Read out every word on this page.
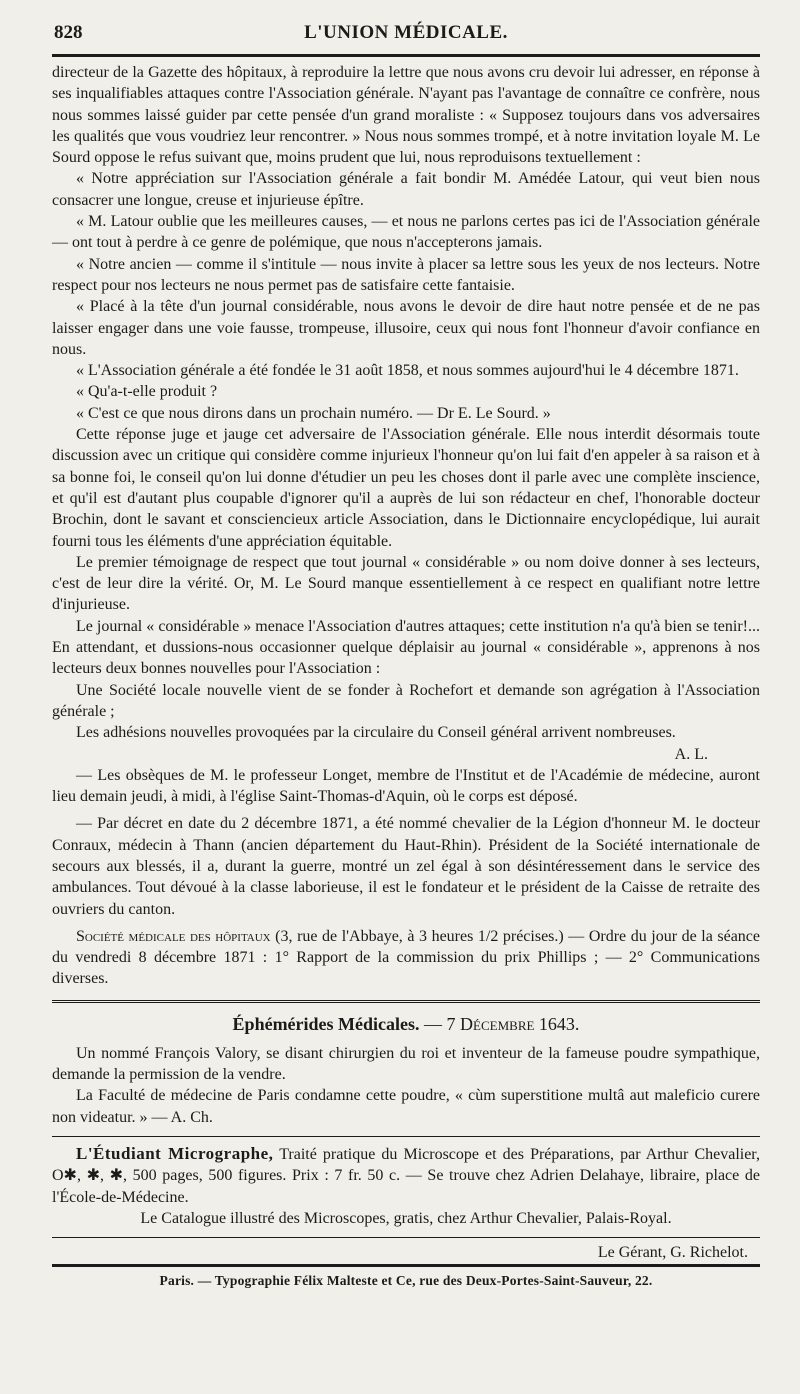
828	L'UNION MÉDICALE.

directeur de la Gazette des hôpitaux, à reproduire la lettre que nous avons cru devoir lui adresser, en réponse à ses inqualifiables attaques contre l'Association générale. N'ayant pas l'avantage de connaître ce confrère, nous nous sommes laissé guider par cette pensée d'un grand moraliste : « Supposez toujours dans vos adversaires les qualités que vous voudriez leur rencontrer. » Nous nous sommes trompé, et à notre invitation loyale M. Le Sourd oppose le refus suivant que, moins prudent que lui, nous reproduisons textuellement :

« Notre appréciation sur l'Association générale a fait bondir M. Amédée Latour, qui veut bien nous consacrer une longue, creuse et injurieuse épître.

« M. Latour oublie que les meilleures causes, — et nous ne parlons certes pas ici de l'Association générale — ont tout à perdre à ce genre de polémique, que nous n'accepterons jamais.

« Notre ancien — comme il s'intitule — nous invite à placer sa lettre sous les yeux de nos lecteurs. Notre respect pour nos lecteurs ne nous permet pas de satisfaire cette fantaisie.

« Placé à la tête d'un journal considérable, nous avons le devoir de dire haut notre pensée et de ne pas laisser engager dans une voie fausse, trompeuse, illusoire, ceux qui nous font l'honneur d'avoir confiance en nous.

« L'Association générale a été fondée le 31 août 1858, et nous sommes aujourd'hui le 4 décembre 1871.

« Qu'a-t-elle produit ?

« C'est ce que nous dirons dans un prochain numéro. — Dr E. Le Sourd. »

Cette réponse juge et jauge cet adversaire de l'Association générale. Elle nous interdit désormais toute discussion avec un critique qui considère comme injurieux l'honneur qu'on lui fait d'en appeler à sa raison et à sa bonne foi, le conseil qu'on lui donne d'étudier un peu les choses dont il parle avec une complète inscience, et qu'il est d'autant plus coupable d'ignorer qu'il a auprès de lui son rédacteur en chef, l'honorable docteur Brochin, dont le savant et consciencieux article Association, dans le Dictionnaire encyclopédique, lui aurait fourni tous les éléments d'une appréciation équitable.

Le premier témoignage de respect que tout journal « considérable » ou nom doive donner à ses lecteurs, c'est de leur dire la vérité. Or, M. Le Sourd manque essentiellement à ce respect en qualifiant notre lettre d'injurieuse.

Le journal « considérable » menace l'Association d'autres attaques; cette institution n'a qu'à bien se tenir!... En attendant, et dussions-nous occasionner quelque déplaisir au journal « considérable », apprenons à nos lecteurs deux bonnes nouvelles pour l'Association :

Une Société locale nouvelle vient de se fonder à Rochefort et demande son agrégation à l'Association générale ;

Les adhésions nouvelles provoquées par la circulaire du Conseil général arrivent nombreuses.

A. L.

— Les obsèques de M. le professeur Longet, membre de l'Institut et de l'Académie de médecine, auront lieu demain jeudi, à midi, à l'église Saint-Thomas-d'Aquin, où le corps est déposé.

— Par décret en date du 2 décembre 1871, a été nommé chevalier de la Légion d'honneur M. le docteur Conraux, médecin à Thann (ancien département du Haut-Rhin). Président de la Société internationale de secours aux blessés, il a, durant la guerre, montré un zel égal à son désintéressement dans le service des ambulances. Tout dévoué à la classe laborieuse, il est le fondateur et le président de la Caisse de retraite des ouvriers du canton.

Société médicale des hôpitaux (3, rue de l'Abbaye, à 3 heures 1/2 précises.) — Ordre du jour de la séance du vendredi 8 décembre 1871 : 1° Rapport de la commission du prix Phillips ; — 2° Communications diverses.

Éphémérides Médicales. — 7 Décembre 1643.

Un nommé François Valory, se disant chirurgien du roi et inventeur de la fameuse poudre sympathique, demande la permission de la vendre.

La Faculté de médecine de Paris condamne cette poudre, « cùm superstitione multâ aut maleficio curere non videatur. » — A. Ch.

L'Étudiant Micrographe, Traité pratique du Microscope et des Préparations, par Arthur Chevalier, O✱, ✱, ✱, 500 pages, 500 figures. Prix : 7 fr. 50 c. — Se trouve chez Adrien Delahaye, libraire, place de l'École-de-Médecine.

Le Catalogue illustré des Microscopes, gratis, chez Arthur Chevalier, Palais-Royal.

Le Gérant, G. Richelot.
Paris. — Typographie Félix Malteste et Ce, rue des Deux-Portes-Saint-Sauveur, 22.
